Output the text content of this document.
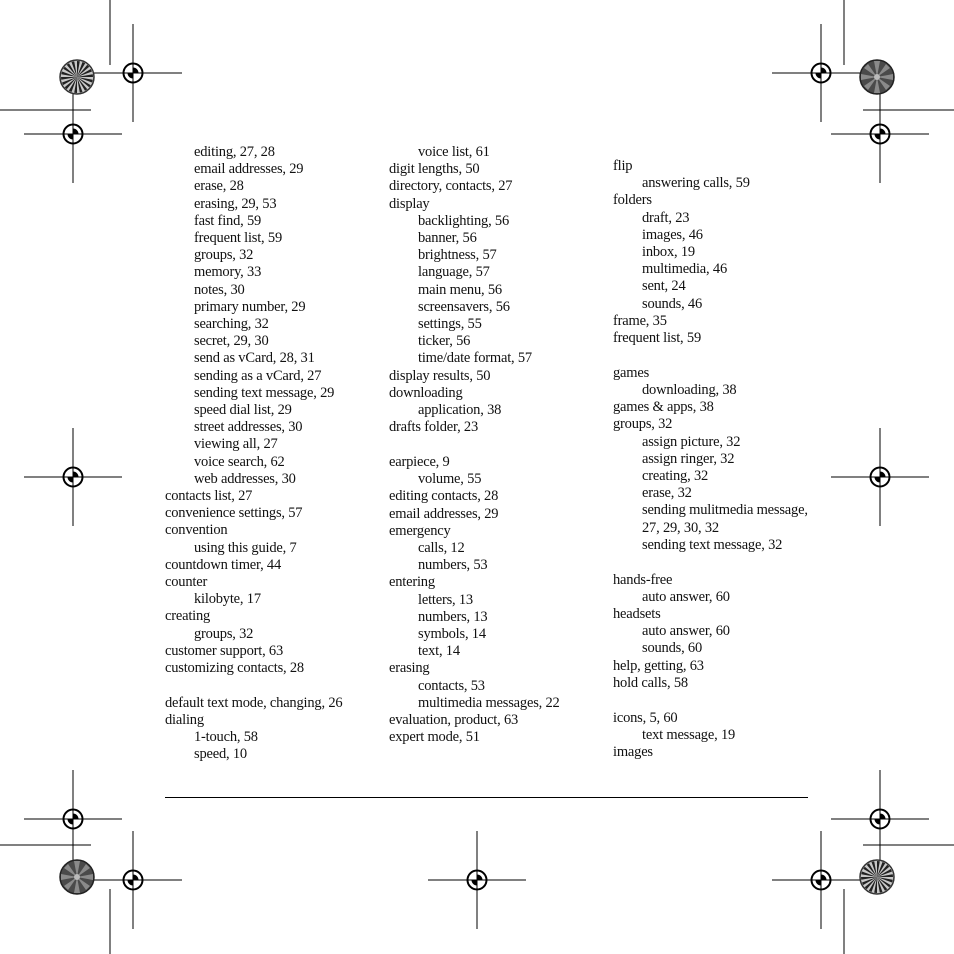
editing, 27, 28
email addresses, 29
erase, 28
erasing, 29, 53
fast find, 59
frequent list, 59
groups, 32
memory, 33
notes, 30
primary number, 29
searching, 32
secret, 29, 30
send as vCard, 28, 31
sending as a vCard, 27
sending text message, 29
speed dial list, 29
street addresses, 30
viewing all, 27
voice search, 62
web addresses, 30
contacts list, 27
convenience settings, 57
convention
using this guide, 7
countdown timer, 44
counter
kilobyte, 17
creating
groups, 32
customer support, 63
customizing contacts, 28
default text mode, changing, 26
dialing
1-touch, 58
speed, 10
voice list, 61
digit lengths, 50
directory, contacts, 27
display
backlighting, 56
banner, 56
brightness, 57
language, 57
main menu, 56
screensavers, 56
settings, 55
ticker, 56
time/date format, 57
display results, 50
downloading
application, 38
drafts folder, 23
earpiece, 9
volume, 55
editing contacts, 28
email addresses, 29
emergency
calls, 12
numbers, 53
entering
letters, 13
numbers, 13
symbols, 14
text, 14
erasing
contacts, 53
multimedia messages, 22
evaluation, product, 63
expert mode, 51
flip
answering calls, 59
folders
draft, 23
images, 46
inbox, 19
multimedia, 46
sent, 24
sounds, 46
frame, 35
frequent list, 59
games
downloading, 38
games & apps, 38
groups, 32
assign picture, 32
assign ringer, 32
creating, 32
erase, 32
sending mulitmedia message,
27, 29, 30, 32
sending text message, 32
hands-free
auto answer, 60
headsets
auto answer, 60
sounds, 60
help, getting, 63
hold calls, 58
icons, 5, 60
text message, 19
images
